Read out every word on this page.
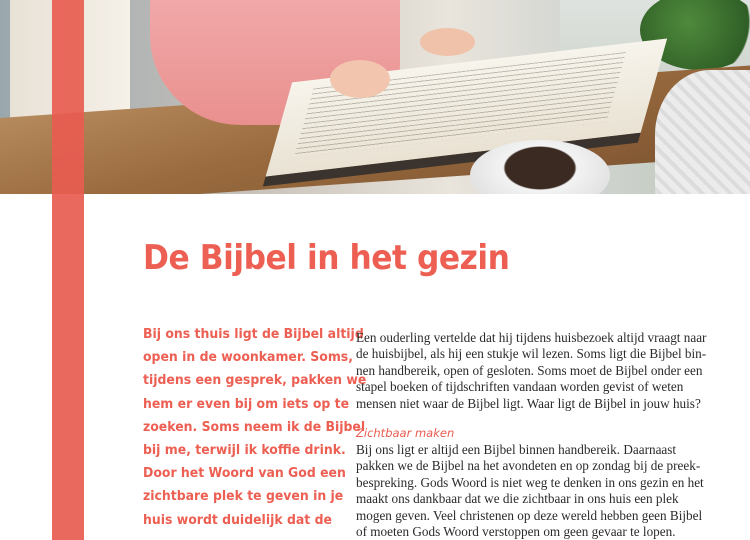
De Bijbel in het gezin

Bij ons thuis ligt de Bijbel altijd
open in de woonkamer. Soms,
tijdens een gesprek, pakken we
hem er even bij om iets op te
zoeken. Soms neem ik de Bijbel
bij me, terwijl ik koffie drink.
Door het Woord van God een
zichtbare plek te geven in je
huis wordt duidelijk dat de

Een ouderling vertelde dat hij tijdens huisbezoek altijd vraagt naar
de huisbijbel, als hij een stukje wil lezen. Soms ligt die Bijbel bin-
nen handbereik, open of gesloten. Soms moet de Bijbel onder een
stapel boeken of tijdschriften vandaan worden gevist of weten
mensen niet waar de Bijbel ligt. Waar ligt de Bijbel in jouw huis?
Zichtbaar maken
Bij ons ligt er altijd een Bijbel binnen handbereik. Daarnaast
pakken we de Bijbel na het avondeten en op zondag bij de preek-
bespreking. Gods Woord is niet weg te denken in ons gezin en het
maakt ons dankbaar dat we die zichtbaar in ons huis een plek
mogen geven. Veel christenen op deze wereld hebben geen Bijbel
of moeten Gods Woord verstoppen om geen gevaar te lopen.
